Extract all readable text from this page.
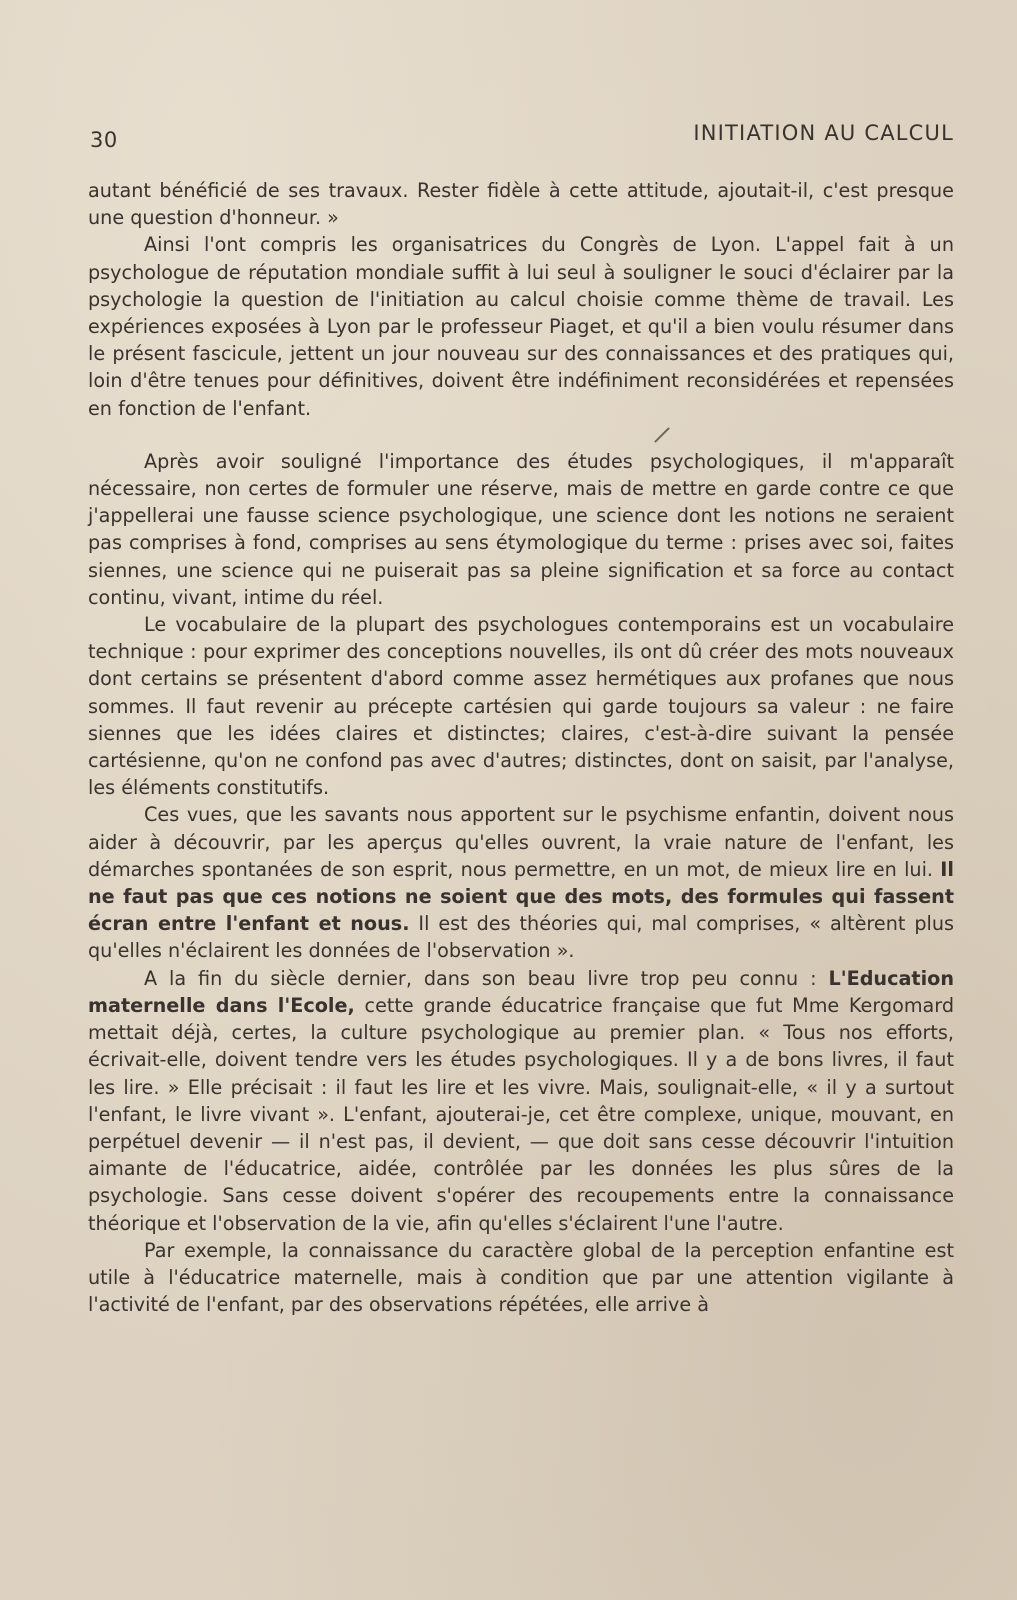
30	INITIATION AU CALCUL

autant bénéficié de ses travaux. Rester fidèle à cette attitude, ajoutait-il, c'est presque une question d'honneur. »

Ainsi l'ont compris les organisatrices du Congrès de Lyon. L'appel fait à un psychologue de réputation mondiale suffit à lui seul à souligner le souci d'éclairer par la psychologie la question de l'initiation au calcul choisie comme thème de travail. Les expériences exposées à Lyon par le professeur Piaget, et qu'il a bien voulu résumer dans le présent fascicule, jettent un jour nouveau sur des connaissances et des pratiques qui, loin d'être tenues pour définitives, doivent être indéfiniment reconsidérées et repensées en fonction de l'enfant.

Après avoir souligné l'importance des études psychologiques, il m'apparaît nécessaire, non certes de formuler une réserve, mais de mettre en garde contre ce que j'appellerai une fausse science psychologique, une science dont les notions ne seraient pas comprises à fond, comprises au sens étymologique du terme : prises avec soi, faites siennes, une science qui ne puiserait pas sa pleine signification et sa force au contact continu, vivant, intime du réel.

Le vocabulaire de la plupart des psychologues contemporains est un vocabulaire technique : pour exprimer des conceptions nouvelles, ils ont dû créer des mots nouveaux dont certains se présentent d'abord comme assez hermétiques aux profanes que nous sommes. Il faut revenir au précepte cartésien qui garde toujours sa valeur : ne faire siennes que les idées claires et distinctes; claires, c'est-à-dire suivant la pensée cartésienne, qu'on ne confond pas avec d'autres; distinctes, dont on saisit, par l'analyse, les éléments constitutifs.

Ces vues, que les savants nous apportent sur le psychisme enfantin, doivent nous aider à découvrir, par les aperçus qu'elles ouvrent, la vraie nature de l'enfant, les démarches spontanées de son esprit, nous permettre, en un mot, de mieux lire en lui. Il ne faut pas que ces notions ne soient que des mots, des formules qui fassent écran entre l'enfant et nous. Il est des théories qui, mal comprises, « altèrent plus qu'elles n'éclairent les données de l'observation ».

A la fin du siècle dernier, dans son beau livre trop peu connu : L'Education maternelle dans l'Ecole, cette grande éducatrice française que fut Mme Kergomard mettait déjà, certes, la culture psychologique au premier plan. « Tous nos efforts, écrivait-elle, doivent tendre vers les études psychologiques. Il y a de bons livres, il faut les lire. » Elle précisait : il faut les lire et les vivre. Mais, soulignait-elle, « il y a surtout l'enfant, le livre vivant ». L'enfant, ajouterai-je, cet être complexe, unique, mouvant, en perpétuel devenir — il n'est pas, il devient, — que doit sans cesse découvrir l'intuition aimante de l'éducatrice, aidée, contrôlée par les données les plus sûres de la psychologie. Sans cesse doivent s'opérer des recoupements entre la connaissance théorique et l'observation de la vie, afin qu'elles s'éclairent l'une l'autre.

Par exemple, la connaissance du caractère global de la perception enfantine est utile à l'éducatrice maternelle, mais à condition que par une attention vigilante à l'activité de l'enfant, par des observations répétées, elle arrive à
